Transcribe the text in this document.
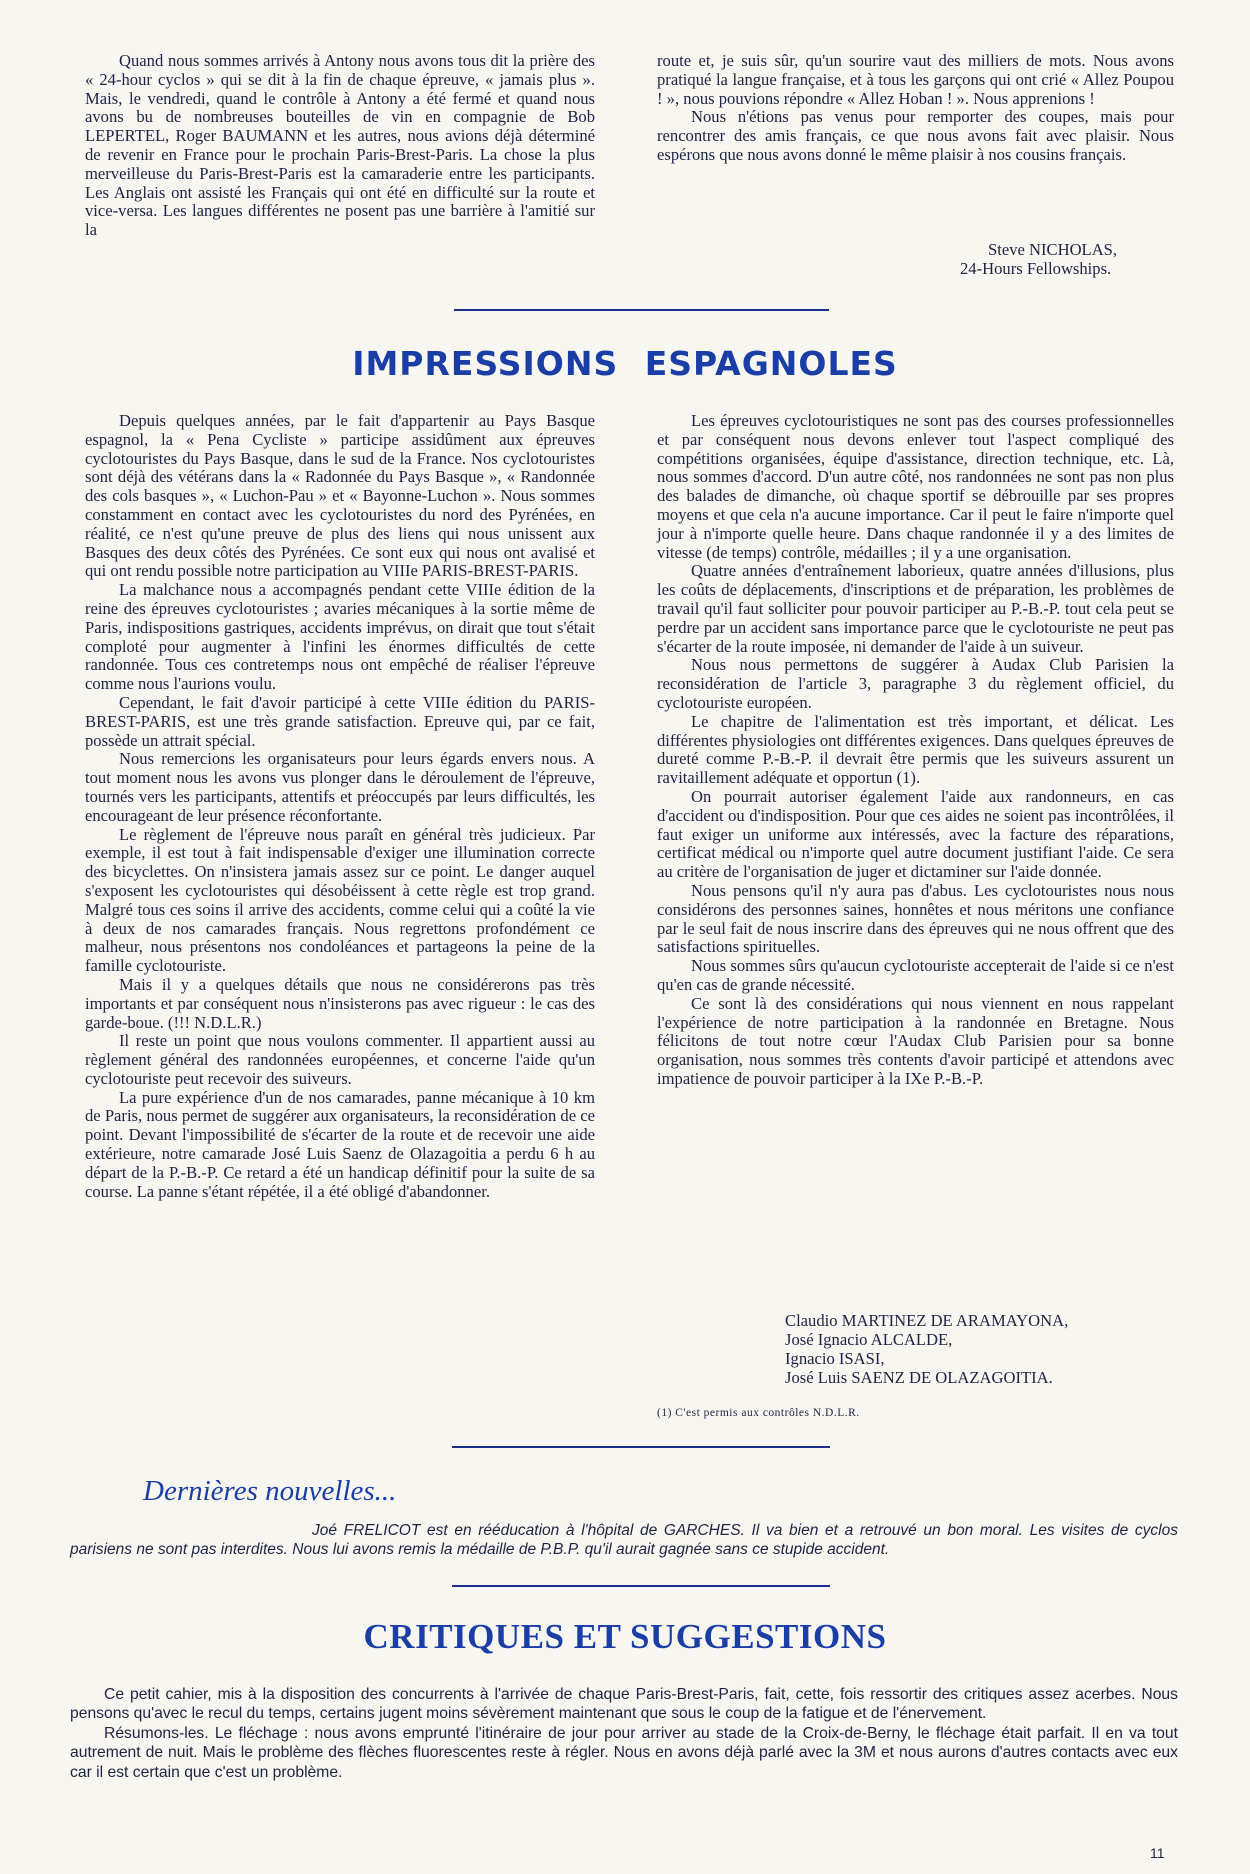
Quand nous sommes arrivés à Antony nous avons tous dit la prière des « 24-hour cyclos » qui se dit à la fin de chaque épreuve, « jamais plus ». Mais, le vendredi, quand le contrôle à Antony a été fermé et quand nous avons bu de nombreuses bouteilles de vin en compagnie de Bob LEPERTEL, Roger BAUMANN et les autres, nous avions déjà déterminé de revenir en France pour le prochain Paris-Brest-Paris. La chose la plus merveilleuse du Paris-Brest-Paris est la camaraderie entre les participants. Les Anglais ont assisté les Français qui ont été en difficulté sur la route et vice-versa. Les langues différentes ne posent pas une barrière à l'amitié sur la

route et, je suis sûr, qu'un sourire vaut des milliers de mots. Nous avons pratiqué la langue française, et à tous les garçons qui ont crié « Allez Poupou ! », nous pouvions répondre « Allez Hoban ! ». Nous apprenions !

Nous n'étions pas venus pour remporter des coupes, mais pour rencontrer des amis français, ce que nous avons fait avec plaisir. Nous espérons que nous avons donné le même plaisir à nos cousins français.

Steve NICHOLAS,
24-Hours Fellowships.
IMPRESSIONS ESPAGNOLES

Depuis quelques années, par le fait d'appartenir au Pays Basque espagnol, la « Pena Cycliste » participe assidûment aux épreuves cyclotouristes du Pays Basque, dans le sud de la France. Nos cyclotouristes sont déjà des vétérans dans la « Radonnée du Pays Basque », « Randonnée des cols basques », « Luchon-Pau » et « Bayonne-Luchon ». Nous sommes constamment en contact avec les cyclotouristes du nord des Pyrénées, en réalité, ce n'est qu'une preuve de plus des liens qui nous unissent aux Basques des deux côtés des Pyrénées. Ce sont eux qui nous ont avalisé et qui ont rendu possible notre participation au VIIIe PARIS-BREST-PARIS.

La malchance nous a accompagnés pendant cette VIIIe édition de la reine des épreuves cyclotouristes ; avaries mécaniques à la sortie même de Paris, indispositions gastriques, accidents imprévus, on dirait que tout s'était comploté pour augmenter à l'infini les énormes difficultés de cette randonnée. Tous ces contretemps nous ont empêché de réaliser l'épreuve comme nous l'aurions voulu.

Cependant, le fait d'avoir participé à cette VIIIe édition du PARIS-BREST-PARIS, est une très grande satisfaction. Epreuve qui, par ce fait, possède un attrait spécial.

Nous remercions les organisateurs pour leurs égards envers nous. A tout moment nous les avons vus plonger dans le déroulement de l'épreuve, tournés vers les participants, attentifs et préoccupés par leurs difficultés, les encourageant de leur présence réconfortante.

Le règlement de l'épreuve nous paraît en général très judicieux. Par exemple, il est tout à fait indispensable d'exiger une illumination correcte des bicyclettes. On n'insistera jamais assez sur ce point. Le danger auquel s'exposent les cyclotouristes qui désobéissent à cette règle est trop grand. Malgré tous ces soins il arrive des accidents, comme celui qui a coûté la vie à deux de nos camarades français. Nous regrettons profondément ce malheur, nous présentons nos condoléances et partageons la peine de la famille cyclotouriste.

Mais il y a quelques détails que nous ne considérerons pas très importants et par conséquent nous n'insisterons pas avec rigueur : le cas des garde-boue. (!!! N.D.L.R.)

Il reste un point que nous voulons commenter. Il appartient aussi au règlement général des randonnées européennes, et concerne l'aide qu'un cyclotouriste peut recevoir des suiveurs.

La pure expérience d'un de nos camarades, panne mécanique à 10 km de Paris, nous permet de suggérer aux organisateurs, la reconsidération de ce point. Devant l'impossibilité de s'écarter de la route et de recevoir une aide extérieure, notre camarade José Luis Saenz de Olazagoitia a perdu 6 h au départ de la P.-B.-P. Ce retard a été un handicap définitif pour la suite de sa course. La panne s'étant répétée, il a été obligé d'abandonner.

Les épreuves cyclotouristiques ne sont pas des courses professionnelles et par conséquent nous devons enlever tout l'aspect compliqué des compétitions organisées, équipe d'assistance, direction technique, etc. Là, nous sommes d'accord. D'un autre côté, nos randonnées ne sont pas non plus des balades de dimanche, où chaque sportif se débrouille par ses propres moyens et que cela n'a aucune importance. Car il peut le faire n'importe quel jour à n'importe quelle heure. Dans chaque randonnée il y a des limites de vitesse (de temps) contrôle, médailles ; il y a une organisation.

Quatre années d'entraînement laborieux, quatre années d'illusions, plus les coûts de déplacements, d'inscriptions et de préparation, les problèmes de travail qu'il faut solliciter pour pouvoir participer au P.-B.-P. tout cela peut se perdre par un accident sans importance parce que le cyclotouriste ne peut pas s'écarter de la route imposée, ni demander de l'aide à un suiveur.

Nous nous permettons de suggérer à Audax Club Parisien la reconsidération de l'article 3, paragraphe 3 du règlement officiel, du cyclotouriste européen.

Le chapitre de l'alimentation est très important, et délicat. Les différentes physiologies ont différentes exigences. Dans quelques épreuves de dureté comme P.-B.-P. il devrait être permis que les suiveurs assurent un ravitaillement adéquate et opportun (1).

On pourrait autoriser également l'aide aux randonneurs, en cas d'accident ou d'indisposition. Pour que ces aides ne soient pas incontrôlées, il faut exiger un uniforme aux intéressés, avec la facture des réparations, certificat médical ou n'importe quel autre document justifiant l'aide. Ce sera au critère de l'organisation de juger et dictaminer sur l'aide donnée.

Nous pensons qu'il n'y aura pas d'abus. Les cyclotouristes nous nous considérons des personnes saines, honnêtes et nous méritons une confiance par le seul fait de nous inscrire dans des épreuves qui ne nous offrent que des satisfactions spirituelles.

Nous sommes sûrs qu'aucun cyclotouriste accepterait de l'aide si ce n'est qu'en cas de grande nécessité.

Ce sont là des considérations qui nous viennent en nous rappelant l'expérience de notre participation à la randonnée en Bretagne. Nous félicitons de tout notre cœur l'Audax Club Parisien pour sa bonne organisation, nous sommes très contents d'avoir participé et attendons avec impatience de pouvoir participer à la IXe P.-B.-P.

Claudio MARTINEZ DE ARAMAYONA,
José Ignacio ALCALDE,
Ignacio ISASI,
José Luis SAENZ DE OLAZAGOITIA.
(1) C'est permis aux contrôles N.D.L.R.
Dernières nouvelles...
Joé FRELICOT est en rééducation à l'hôpital de GARCHES. Il va bien et a retrouvé un bon moral. Les visites de cyclos parisiens ne sont pas interdites. Nous lui avons remis la médaille de P.B.P. qu'il aurait gagnée sans ce stupide accident.
CRITIQUES ET SUGGESTIONS

Ce petit cahier, mis à la disposition des concurrents à l'arrivée de chaque Paris-Brest-Paris, fait, cette, fois ressortir des critiques assez acerbes. Nous pensons qu'avec le recul du temps, certains jugent moins sévèrement maintenant que sous le coup de la fatigue et de l'énervement.

Résumons-les. Le fléchage : nous avons emprunté l'itinéraire de jour pour arriver au stade de la Croix-de-Berny, le fléchage était parfait. Il en va tout autrement de nuit. Mais le problème des flèches fluorescentes reste à régler. Nous en avons déjà parlé avec la 3M et nous aurons d'autres contacts avec eux car il est certain que c'est un problème.

11
